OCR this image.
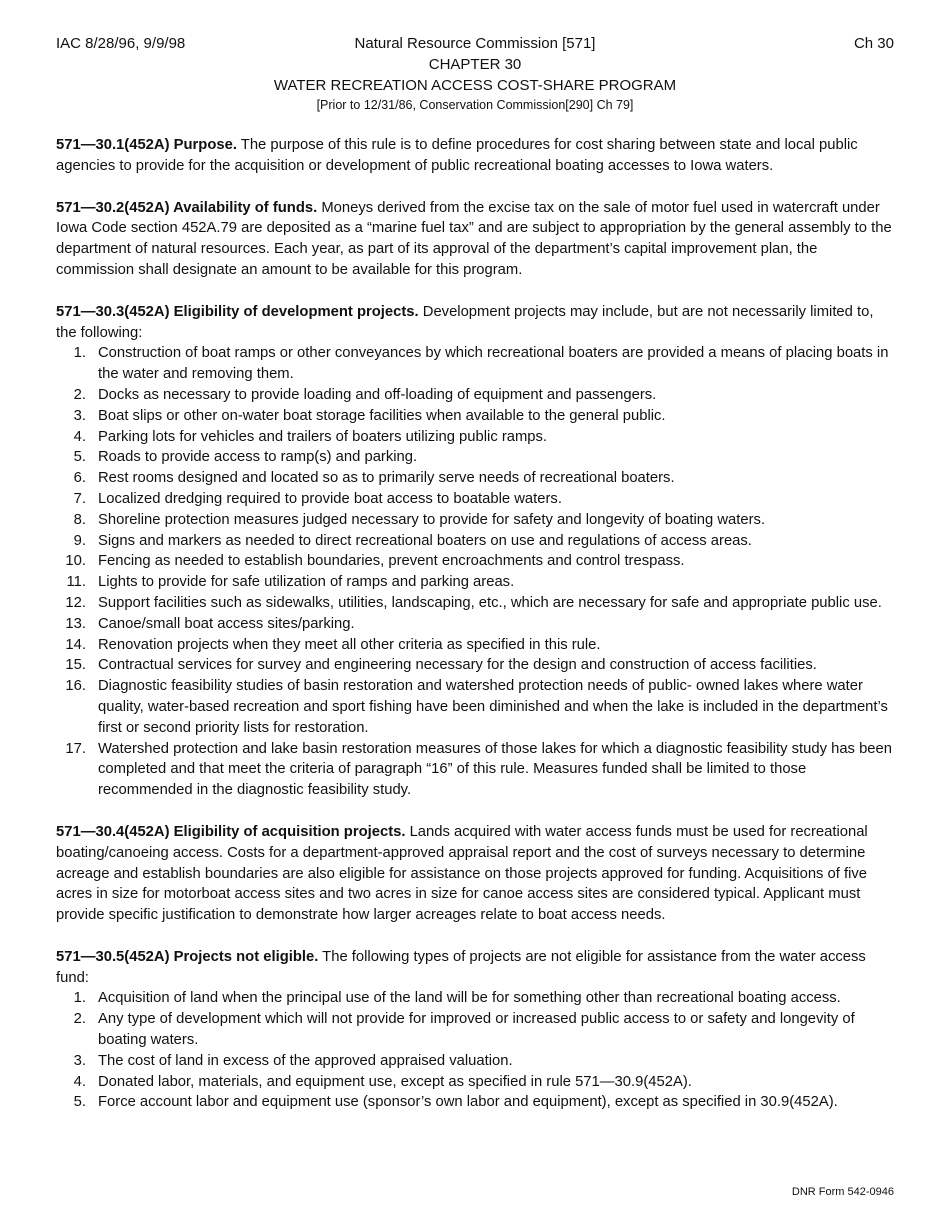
IAC 8/28/96, 9/9/98	Natural Resource Commission [571]	Ch 30
CHAPTER 30
WATER RECREATION ACCESS COST-SHARE PROGRAM
[Prior to 12/31/86, Conservation Commission[290] Ch 79]

571—30.1(452A) Purpose. The purpose of this rule is to define procedures for cost sharing between state and local public agencies to provide for the acquisition or development of public recreational boating accesses to Iowa waters.

571—30.2(452A) Availability of funds. Moneys derived from the excise tax on the sale of motor fuel used in watercraft under Iowa Code section 452A.79 are deposited as a “marine fuel tax” and are subject to appropriation by the general assembly to the department of natural resources. Each year, as part of its approval of the department’s capital improvement plan, the commission shall designate an amount to be available for this program.

571—30.3(452A) Eligibility of development projects. Development projects may include, but are not necessarily limited to, the following:

1. Construction of boat ramps or other conveyances by which recreational boaters are provided a means of placing boats in the water and removing them.
2. Docks as necessary to provide loading and off-loading of equipment and passengers.
3. Boat slips or other on-water boat storage facilities when available to the general public.
4. Parking lots for vehicles and trailers of boaters utilizing public ramps.
5. Roads to provide access to ramp(s) and parking.
6. Rest rooms designed and located so as to primarily serve needs of recreational boaters.
7. Localized dredging required to provide boat access to boatable waters.
8. Shoreline protection measures judged necessary to provide for safety and longevity of boating waters.
9. Signs and markers as needed to direct recreational boaters on use and regulations of access areas.
10. Fencing as needed to establish boundaries, prevent encroachments and control trespass.
11. Lights to provide for safe utilization of ramps and parking areas.
12. Support facilities such as sidewalks, utilities, landscaping, etc., which are necessary for safe and appropriate public use.
13. Canoe/small boat access sites/parking.
14. Renovation projects when they meet all other criteria as specified in this rule.
15. Contractual services for survey and engineering necessary for the design and construction of access facilities.
16. Diagnostic feasibility studies of basin restoration and watershed protection needs of public- owned lakes where water quality, water-based recreation and sport fishing have been diminished and when the lake is included in the department’s first or second priority lists for restoration.
17. Watershed protection and lake basin restoration measures of those lakes for which a diagnostic feasibility study has been completed and that meet the criteria of paragraph “16” of this rule. Measures funded shall be limited to those recommended in the diagnostic feasibility study.

571—30.4(452A) Eligibility of acquisition projects. Lands acquired with water access funds must be used for recreational boating/canoeing access. Costs for a department-approved appraisal report and the cost of surveys necessary to determine acreage and establish boundaries are also eligible for assistance on those projects approved for funding. Acquisitions of five acres in size for motorboat access sites and two acres in size for canoe access sites are considered typical. Applicant must provide specific justification to demonstrate how larger acreages relate to boat access needs.

571—30.5(452A) Projects not eligible. The following types of projects are not eligible for assistance from the water access fund:

1. Acquisition of land when the principal use of the land will be for something other than recreational boating access.
2. Any type of development which will not provide for improved or increased public access to or safety and longevity of boating waters.
3. The cost of land in excess of the approved appraised valuation.
4. Donated labor, materials, and equipment use, except as specified in rule 571—30.9(452A).
5. Force account labor and equipment use (sponsor’s own labor and equipment), except as specified in 30.9(452A).
DNR Form 542-0946
